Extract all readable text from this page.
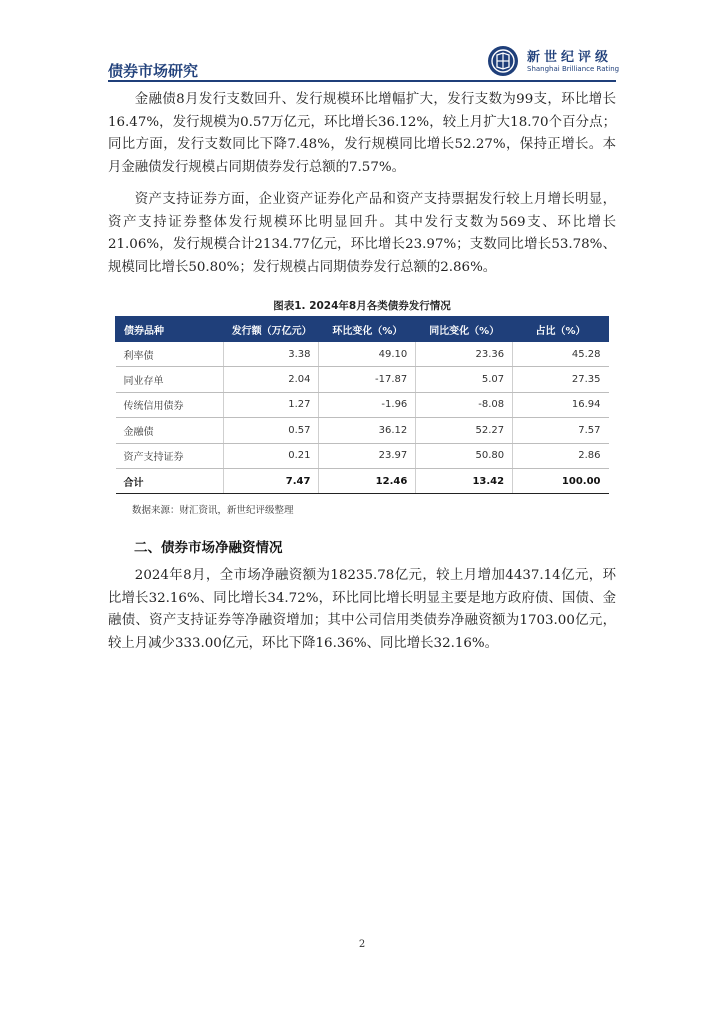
债券市场研究
新世纪评级
Shanghai Brilliance Rating

金融债8月发行支数回升、发行规模环比增幅扩大，发行支数为99支，环比增长16.47%，发行规模为0.57万亿元，环比增长36.12%，较上月扩大18.70个百分点；同比方面，发行支数同比下降7.48%，发行规模同比增长52.27%，保持正增长。本月金融债发行规模占同期债券发行总额的7.57%。

资产支持证券方面，企业资产证券化产品和资产支持票据发行较上月增长明显，资产支持证券整体发行规模环比明显回升。其中发行支数为569支、环比增长21.06%，发行规模合计2134.77亿元，环比增长23.97%；支数同比增长53.78%、规模同比增长50.80%；发行规模占同期债券发行总额的2.86%。

图表1. 2024年8月各类债券发行情况
债券品种	发行额（万亿元）	环比变化（%）	同比变化（%）	占比（%）
利率债	3.38	49.10	23.36	45.28
同业存单	2.04	-17.87	5.07	27.35
传统信用债券	1.27	-1.96	-8.08	16.94
金融债	0.57	36.12	52.27	7.57
资产支持证券	0.21	23.97	50.80	2.86
合计	7.47	12.46	13.42	100.00
数据来源：财汇资讯，新世纪评级整理
二、债券市场净融资情况

2024年8月，全市场净融资额为18235.78亿元，较上月增加4437.14亿元，环比增长32.16%、同比增长34.72%，环比同比增长明显主要是地方政府债、国债、金融债、资产支持证券等净融资增加；其中公司信用类债券净融资额为1703.00亿元，较上月减少333.00亿元，环比下降16.36%、同比增长32.16%。

2
